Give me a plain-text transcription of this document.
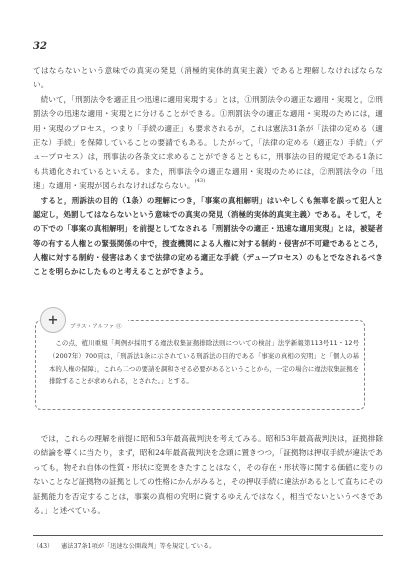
32

てはならないという意味での真実の発見（消極的実体的真実主義）であると理解しなければならない。

続いて，「刑罰法令を適正且つ迅速に適用実現する」とは，①刑罰法令の適正な適用・実現と，②刑罰法令の迅速な適用・実現とに分けることができる。①刑罰法令の適正な適用・実現のためには，適用・実現のプロセス，つまり「手続の適正」も要求されるが，これは憲法31条が「法律の定める（適正な）手続」を保障していることの要請でもある。したがって，「法律の定める（適正な）手続」（デュープロセス）は，刑事法の各条文に求めることができるとともに，刑事法の目的規定である1条にも共通化されているといえる。また，刑事法令の適正な適用・実現のためには，②刑罰法令の「迅速」な適用・実現が図られなければならない。$^{(43)}$

すると，刑訴法の目的（1条）の理解につき，「事案の真相解明」はいやしくも無辜を誤って犯人と認定し，処罰してはならないという意味での真実の発見（消極的実体的真実主義）である。そして，その下での「事案の真相解明」を前提としてなされる「刑罰法令の適正・迅速な適用実現」とは，被疑者等の有する人権との緊張関係の中で，捜査機関による人権に対する制約・侵害が不可避であるところ，人権に対する制約・侵害はあくまで法律の定める適正な手続（デュープロセス）のもとでなされるべきことを明らかにしたものと考えることができよう。

+	プラス・アルファ ⑪

この点，植川重規「判例が採用する違法収集証拠排除法則についての検討」法学新報第113号11・12号（2007年）700頁は，「刑訴法1条に示されている刑訴法の目的である「事案の真相の究明」と「個人の基本的人権の保障」，これら二つの要請を調和させる必要があるということから，一定の場合に違法収集証拠を排除することが求められる，とされた。」とする。

では，これらの理解を前提に昭和53年最高裁判決を考えてみる。昭和53年最高裁判決は，証拠排除の結論を導くに当たり，まず，昭和24年最高裁判決を念頭に置きつつ，「証拠物は押収手続が違法であっても，物それ自体の性質・形状に変異をきたすことはなく，その存在・形状等に関する価値に変りのないことなど証拠物の証拠としての性格にかんがみると，その押収手続に違法があるとして直ちにその証拠能力を否定することは，事案の真相の究明に資するゆえんではなく，相当でないというべきである。」と述べている。

（43） 憲法37条1項が「迅速な公開裁判」等を規定している。
